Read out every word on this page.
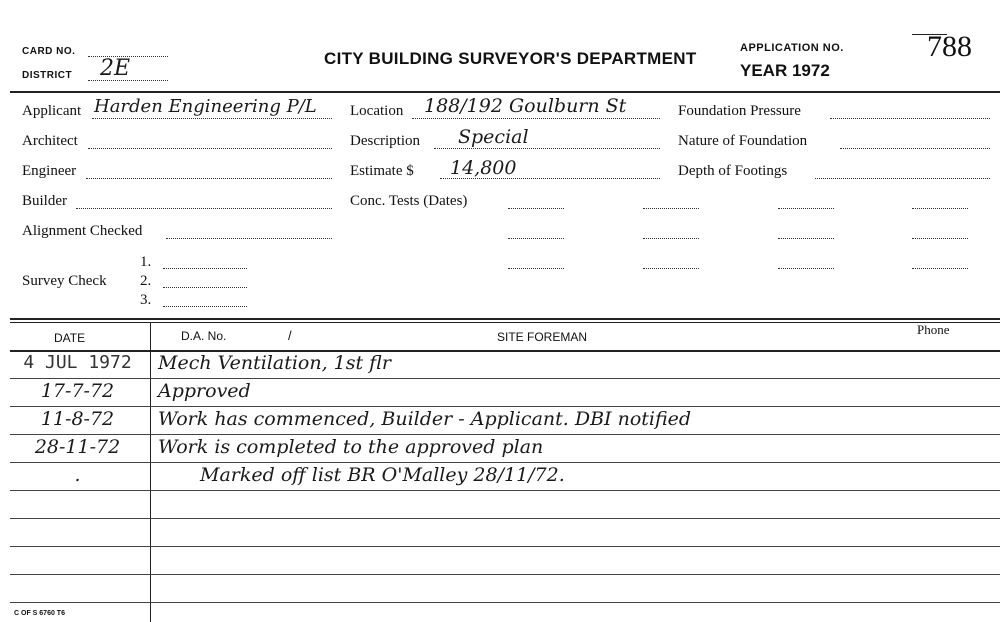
CARD NO.
DISTRICT 2E	CITY BUILDING SURVEYOR'S DEPARTMENT
APPLICATION NO.
YEAR 1972
788
Applicant Harden Engineering P/L
Architect
Engineer
Builder
Alignment Checked
Survey Check
1.
2.
3.
Location 188/192 Goulburn St
Description Special
Estimate $ 14,800
Conc. Tests (Dates)
Foundation Pressure
Nature of Foundation
Depth of Footings
DATE	D.A. No.	/	SITE FOREMAN	Phone
4 JUL 1972	Mech Ventilation, 1st flr
17-7-72	Approved
11-8-72	Work has commenced, Builder - Applicant. DBI notified
28-11-72	Work is completed to the approved plan
.	Marked off list BR O'Malley 28/11/72.
C OF S 6760 T6
